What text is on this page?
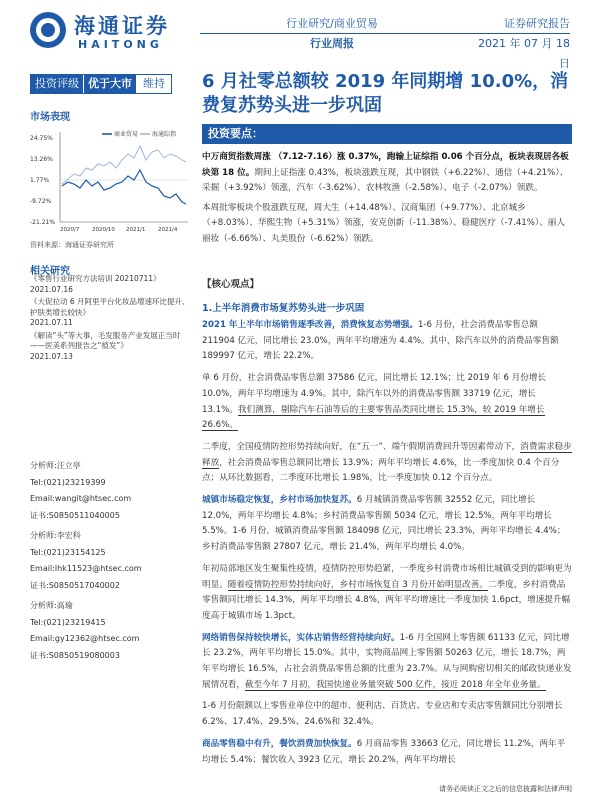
海通证券
HAITONG
行业研究/商业贸易
行业周报
证券研究报告
2021 年 07 月 18 日
投资评级 优于大市	维持	6 月社零总额较 2019 年同期增 10.0%，消费复苏势头进一步巩固
市场表现
24.75%
13.26%
1.77%
-9.72%
-21.21%
商业贸易 海通综指
2020/7 2020/10 2021/1 2021/4
资料来源：海通证券研究所
相关研究
《零售行业研究方法培训 20210711》
2021.07.16
《大促拉动 6 月阿里平台化妆品增速环比提升、护肤类增长较快》
2021.07.11
《解读“头”等大事，毛发服务产业发展正当时——医美系列报告之“植发”》
2021.07.13
分析师:汪立亭
Tel:(021)23219399
Email:wangit@htsec.com
证书:S0850511040005
分析师:李宏科
Tel:(021)23154125
Email:lhk11523@htsec.com
证书:S0850517040002
分析师:高瑜
Tel:(021)23219415
Email:gy12362@htsec.com
证书:S0850519080003
投资要点：

中万商贸指数周涨 （7.12-7.16）涨 0.37%，跑输上证综指 0.06 个百分点，板块表现居各板块第 18 位。期间上证指涨 0.43%，板块涨跌互现，其中钢铁（+6.22%）、通信（+4.21%）、采掘（+3.92%）领涨，汽车（-3.62%）、农林牧渔（-2.58%）、电子（-2.07%）领跌。

本周批零板块个股涨跌互现，周大生（+14.48%）、汉商集团（+9.77%）、北京城乡（+8.03%）、华熙生物（+5.31%）领涨，安克创新（-11.38%）、稳健医疗（-7.41%）、丽人丽妆（-6.66%）、丸美股份（-6.62%）领跌。

【核心观点】
1.上半年消费市场复苏势头进一步巩固

2021 年上半年市场销售逐季改善，消费恢复态势增强。1-6 月份，社会消费品零售总额 211904 亿元，同比增长 23.0%，两年平均增速为 4.4%。其中，除汽车以外的消费品零售额 189997 亿元，增长 22.2%。

单 6 月份，社会消费品零售总额 37586 亿元，同比增长 12.1%；比 2019 年 6 月份增长 10.0%，两年平均增速为 4.9%。其中，除汽车以外的消费品零售额 33719 亿元，增长 13.1%。我们测算，剔除汽车石油等后的主要零售品类同比增长 15.3%，较 2019 年增长 26.6%。

二季度，全国疫情防控形势持续向好，在“五一”、端午假期消费回升等因素带动下，消费需求稳步释放，社会消费品零售总额同比增长 13.9%；两年平均增长 4.6%，比一季度加快 0.4 个百分点；从环比数据看，二季度环比增长 1.98%，比一季度加快 0.12 个百分点。

城镇市场稳定恢复，乡村市场加快复苏。6 月城镇消费品零售额 32552 亿元，同比增长 12.0%，两年平均增长 4.8%；乡村消费品零售额 5034 亿元，增长 12.5%，两年平均增长 5.5%。1-6 月份，城镇消费品零售额 184098 亿元，同比增长 23.3%，两年平均增长 4.4%；乡村消费品零售额 27807 亿元，增长 21.4%，两年平均增长 4.0%。

年初局部地区发生聚集性疫情，疫情防控形势趋紧，一季度乡村消费市场相比城镇受到的影响更为明显。随着疫情防控形势持续向好，乡村市场恢复自 3 月份开始明显改善。二季度，乡村消费品零售额同比增长 14.3%，两年平均增长 4.8%，两年平均增速比一季度加快 1.6pct，增速提升幅度高于城镇市场 1.3pct。

网络销售保持较快增长，实体店销售经营持续向好。1-6 月全国网上零售额 61133 亿元，同比增长 23.2%，两年平均增长 15.0%。其中，实物商品网上零售额 50263 亿元，增长 18.7%，两年平均增长 16.5%，占社会消费品零售总额的比重为 23.7%。从与网购密切相关的邮政快递业发展情况看，截至今年 7 月初，我国快递业务量突破 500 亿件，接近 2018 年全年业务量。

1-6 月份限额以上零售业单位中的超市、便利店、百货店、专业店和专卖店零售额同比分别增长 6.2%、17.4%、29.5%、24.6%和 32.4%。

商品零售稳中有升，餐饮消费加快恢复。6 月商品零售 33663 亿元，同比增长 11.2%，两年平均增长 5.4%；餐饮收入 3923 亿元，增长 20.2%，两年平均增长

请务必阅读正文之后的信息披露和法律声明
